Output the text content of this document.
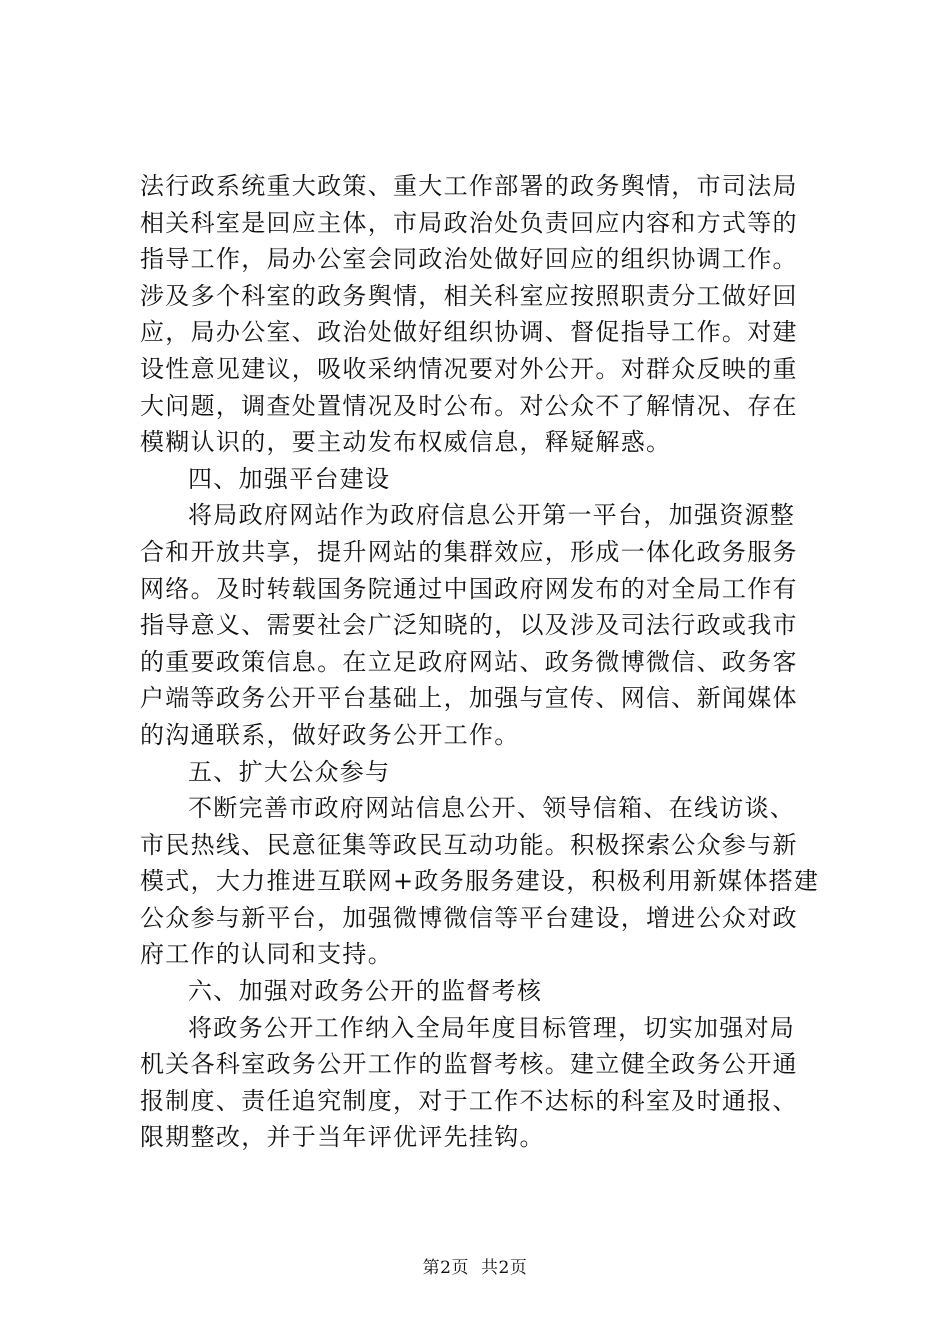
法行政系统重大政策、重大工作部署的政务舆情，市司法局相关科室是回应主体，市局政治处负责回应内容和方式等的指导工作，局办公室会同政治处做好回应的组织协调工作。涉及多个科室的政务舆情，相关科室应按照职责分工做好回应，局办公室、政治处做好组织协调、督促指导工作。对建设性意见建议，吸收采纳情况要对外公开。对群众反映的重大问题，调查处置情况及时公布。对公众不了解情况、存在模糊认识的，要主动发布权威信息，释疑解惑。

四、加强平台建设

将局政府网站作为政府信息公开第一平台，加强资源整合和开放共享，提升网站的集群效应，形成一体化政务服务网络。及时转载国务院通过中国政府网发布的对全局工作有指导意义、需要社会广泛知晓的，以及涉及司法行政或我市的重要政策信息。在立足政府网站、政务微博微信、政务客户端等政务公开平台基础上，加强与宣传、网信、新闻媒体的沟通联系，做好政务公开工作。

五、扩大公众参与

不断完善市政府网站信息公开、领导信箱、在线访谈、市民热线、民意征集等政民互动功能。积极探索公众参与新模式，大力推进互联网+政务服务建设，积极利用新媒体搭建公众参与新平台，加强微博微信等平台建设，增进公众对政府工作的认同和支持。

六、加强对政务公开的监督考核

将政务公开工作纳入全局年度目标管理，切实加强对局机关各科室政务公开工作的监督考核。建立健全政务公开通报制度、责任追究制度，对于工作不达标的科室及时通报、限期整改，并于当年评优评先挂钩。

第2页 共2页
